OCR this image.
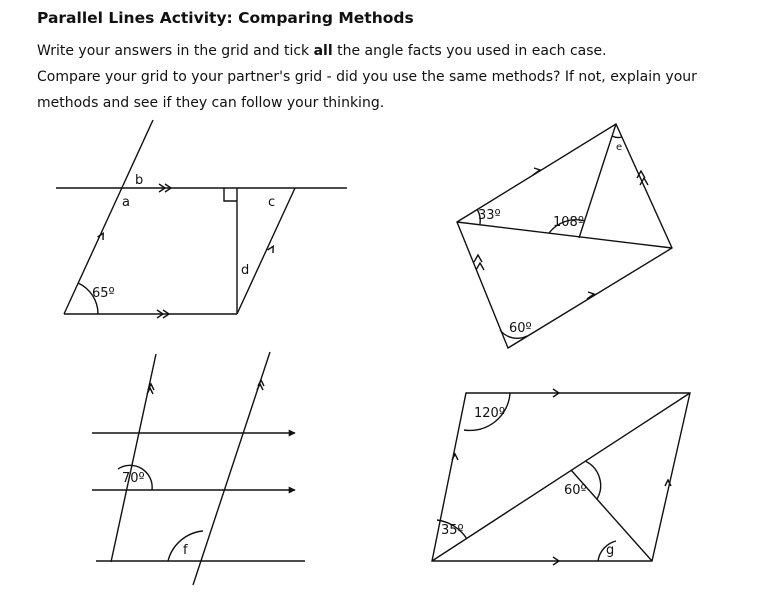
Parallel Lines Activity: Comparing Methods
Write your answers in the grid and tick all the angle facts you used in each case.
Compare your grid to your partner's grid - did you use the same methods? If not, explain your
methods and see if they can follow your thinking.
b
a	c
d
65º
33º	108º
e
60º
70º
f
120º
60º
35º
g
